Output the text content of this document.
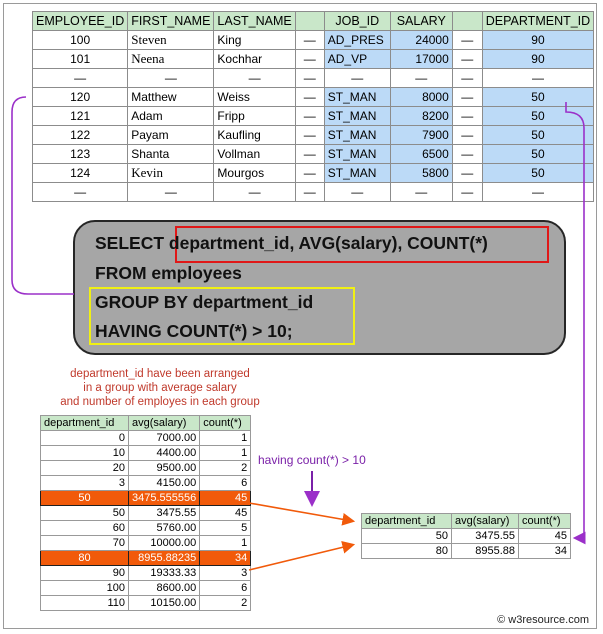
EMPLOYEE_ID	FIRST_NAME	LAST_NAME		JOB_ID	SALARY		DEPARTMENT_ID
100	Steven	King	—	AD_PRES	24000	—	90
101	Neena	Kochhar	—	AD_VP	17000	—	90
—	—	—	—	—	—	—	—
120	Matthew	Weiss	—	ST_MAN	8000	—	50
121	Adam	Fripp	—	ST_MAN	8200	—	50
122	Payam	Kaufling	—	ST_MAN	7900	—	50
123	Shanta	Vollman	—	ST_MAN	6500	—	50
124	Kevin	Mourgos	—	ST_MAN	5800	—	50
—	—	—	—	—	—	—	—
SELECT department_id, AVG(salary), COUNT(*)
FROM employees
GROUP BY department_id
HAVING COUNT(*) > 10;
department_id have been arranged
in a group with average salary
and number of employes in each group
department_id	avg(salary)	count(*)
0	7000.00	1
10	4400.00	1
20	9500.00	2
3	4150.00	6
50	3475.555556	45
50	3475.55	45
60	5760.00	5
70	10000.00	1
80	8955.88235	34
90	19333.33	3
100	8600.00	6
110	10150.00	2
having count(*) > 10
department_id	avg(salary)	count(*)
50	3475.55	45
80	8955.88	34
© w3resource.com
